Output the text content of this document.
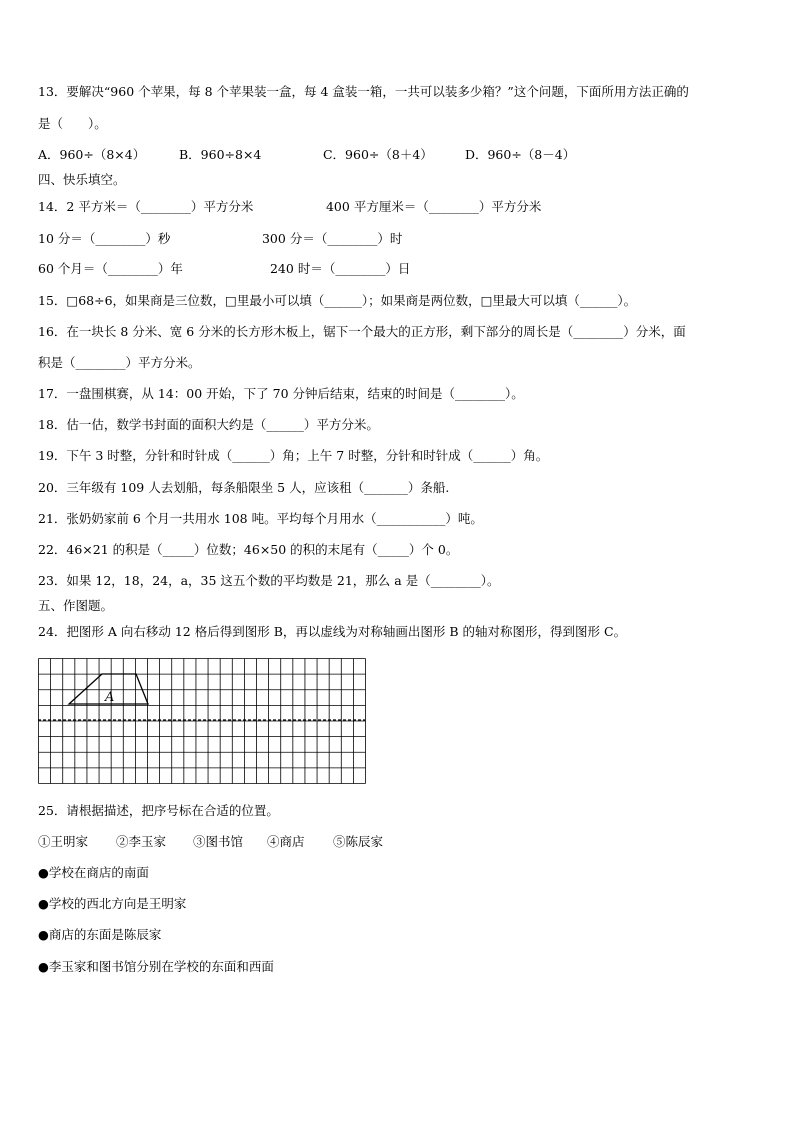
13．要解决“960 个苹果，每 8 个苹果装一盒，每 4 盒装一箱，一共可以装多少箱？”这个问题，下面所用方法正确的
是（　　）。
A．960÷（8×4）	B．960÷8×4	C．960÷（8＋4）	D．960÷（8－4）
四、快乐填空。
14．2 平方米＝（________）平方分米	400 平方厘米＝（________）平方分米
10 分＝（________）秒	300 分＝（________）时
60 个月＝（________）年	240 时＝（________）日
15．□68÷6，如果商是三位数，□里最小可以填（______）；如果商是两位数，□里最大可以填（______）。
16．在一块长 8 分米、宽 6 分米的长方形木板上，锯下一个最大的正方形，剩下部分的周长是（________）分米，面
积是（________）平方分米。
17．一盘围棋赛，从 14：00 开始，下了 70 分钟后结束，结束的时间是（________）。
18．估一估，数学书封面的面积大约是（______）平方分米。
19．下午 3 时整，分针和时针成（______）角；上午 7 时整，分针和时针成（______）角。
20．三年级有 109 人去划船，每条船限坐 5 人，应该租（_______）条船.
21．张奶奶家前 6 个月一共用水 108 吨。平均每个月用水（___________）吨。
22．46×21 的积是（_____）位数；46×50 的积的末尾有（_____）个 0。
23．如果 12，18，24，a，35 这五个数的平均数是 21，那么 a 是（________）。
五、作图题。
24．把图形 A 向右移动 12 格后得到图形 B，再以虚线为对称轴画出图形 B 的轴对称图形，得到图形 C。
A
25．请根据描述，把序号标在合适的位置。
①王明家 ②李玉家 ③图书馆 ④商店 ⑤陈辰家
●学校在商店的南面
●学校的西北方向是王明家
●商店的东面是陈辰家
●李玉家和图书馆分别在学校的东面和西面
